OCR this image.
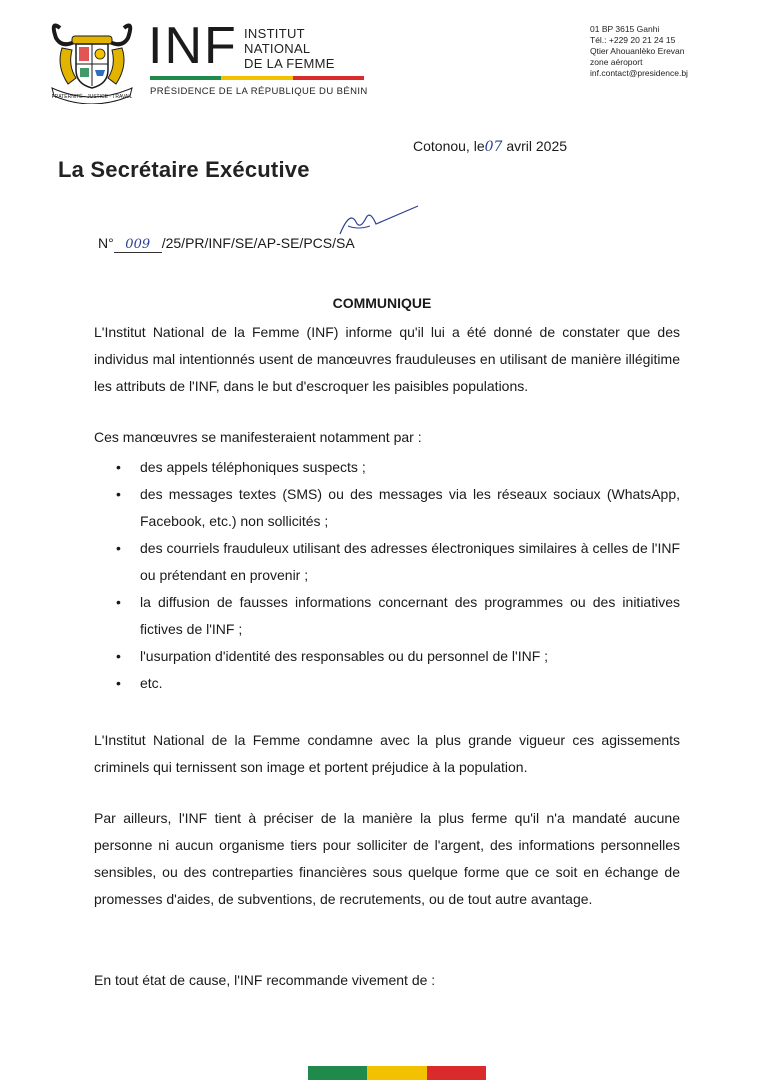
FRATERNITÉ · JUSTICE · TRAVAIL
INF INSTITUT
NATIONAL
DE LA FEMME
PRÉSIDENCE DE LA RÉPUBLIQUE DU BÉNIN
01 BP 3615 Ganhi
Tél.: +229 20 21 24 15
Qtier Ahouanlèko Erevan
zone aéroport
inf.contact@presidence.bj
Cotonou, le07 avril 2025
La Secrétaire Exécutive
N° 009 /25/PR/INF/SE/AP-SE/PCS/SA
COMMUNIQUE
L'Institut National de la Femme (INF) informe qu'il lui a été donné de constater que des individus mal intentionnés usent de manœuvres frauduleuses en utilisant de manière illégitime les attributs de l'INF, dans le but d'escroquer les paisibles populations.
Ces manœuvres se manifesteraient notamment par :
• des appels téléphoniques suspects ;
• des messages textes (SMS) ou des messages via les réseaux sociaux (WhatsApp, Facebook, etc.) non sollicités ;
• des courriels frauduleux utilisant des adresses électroniques similaires à celles de l'INF ou prétendant en provenir ;
• la diffusion de fausses informations concernant des programmes ou des initiatives fictives de l'INF ;
• l'usurpation d'identité des responsables ou du personnel de l'INF ;
• etc.
L'Institut National de la Femme condamne avec la plus grande vigueur ces agissements criminels qui ternissent son image et portent préjudice à la population.
Par ailleurs, l'INF tient à préciser de la manière la plus ferme qu'il n'a mandaté aucune personne ni aucun organisme tiers pour solliciter de l'argent, des informations personnelles sensibles, ou des contreparties financières sous quelque forme que ce soit en échange de promesses d'aides, de subventions, de recrutements, ou de tout autre avantage.
En tout état de cause, l'INF recommande vivement de :
